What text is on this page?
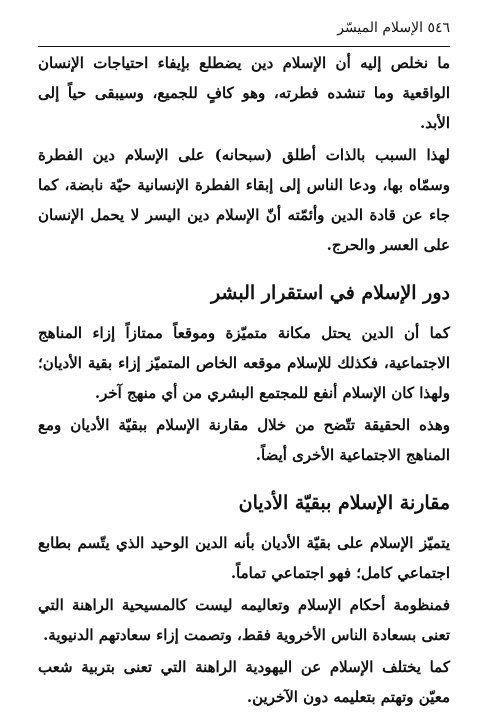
٥٤٦ الإسلام الميسّر

ما نخلص إليه أن الإسلام دين يضطلع بإيفاء احتياجات الإنسان الواقعية وما تنشده فطرته، وهو كافٍ للجميع، وسيبقى حياً إلى الأبد.

لهذا السبب بالذات أطلق (سبحانه) على الإسلام دين الفطرة وسمّاه بها، ودعا الناس إلى إبقاء الفطرة الإنسانية حيّة نابضة، كما جاء عن قادة الدين وأئمّته أنّ الإسلام دين اليسر لا يحمل الإنسان على العسر والحرج.

دور الإسلام في استقرار البشر

كما أن الدين يحتل مكانة متميّزة وموقعاً ممتازاً إزاء المناهج الاجتماعية، فكذلك للإسلام موقعه الخاص المتميّز إزاء بقية الأديان؛ ولهذا كان الإسلام أنفع للمجتمع البشري من أي منهج آخر.

وهذه الحقيقة تتّضح من خلال مقارنة الإسلام ببقيّة الأديان ومع المناهج الاجتماعية الأخرى أيضاً.

مقارنة الإسلام ببقيّة الأديان

يتميّز الإسلام على بقيّة الأديان بأنه الدين الوحيد الذي يتّسم بطابع اجتماعي كامل؛ فهو اجتماعي تماماً.

فمنظومة أحكام الإسلام وتعاليمه ليست كالمسيحية الراهنة التي تعنى بسعادة الناس الأخروية فقط، وتصمت إزاء سعادتهم الدنيوية.

كما يختلف الإسلام عن اليهودية الراهنة التي تعنى بتربية شعب معيّن وتهتم بتعليمه دون الآخرين.
